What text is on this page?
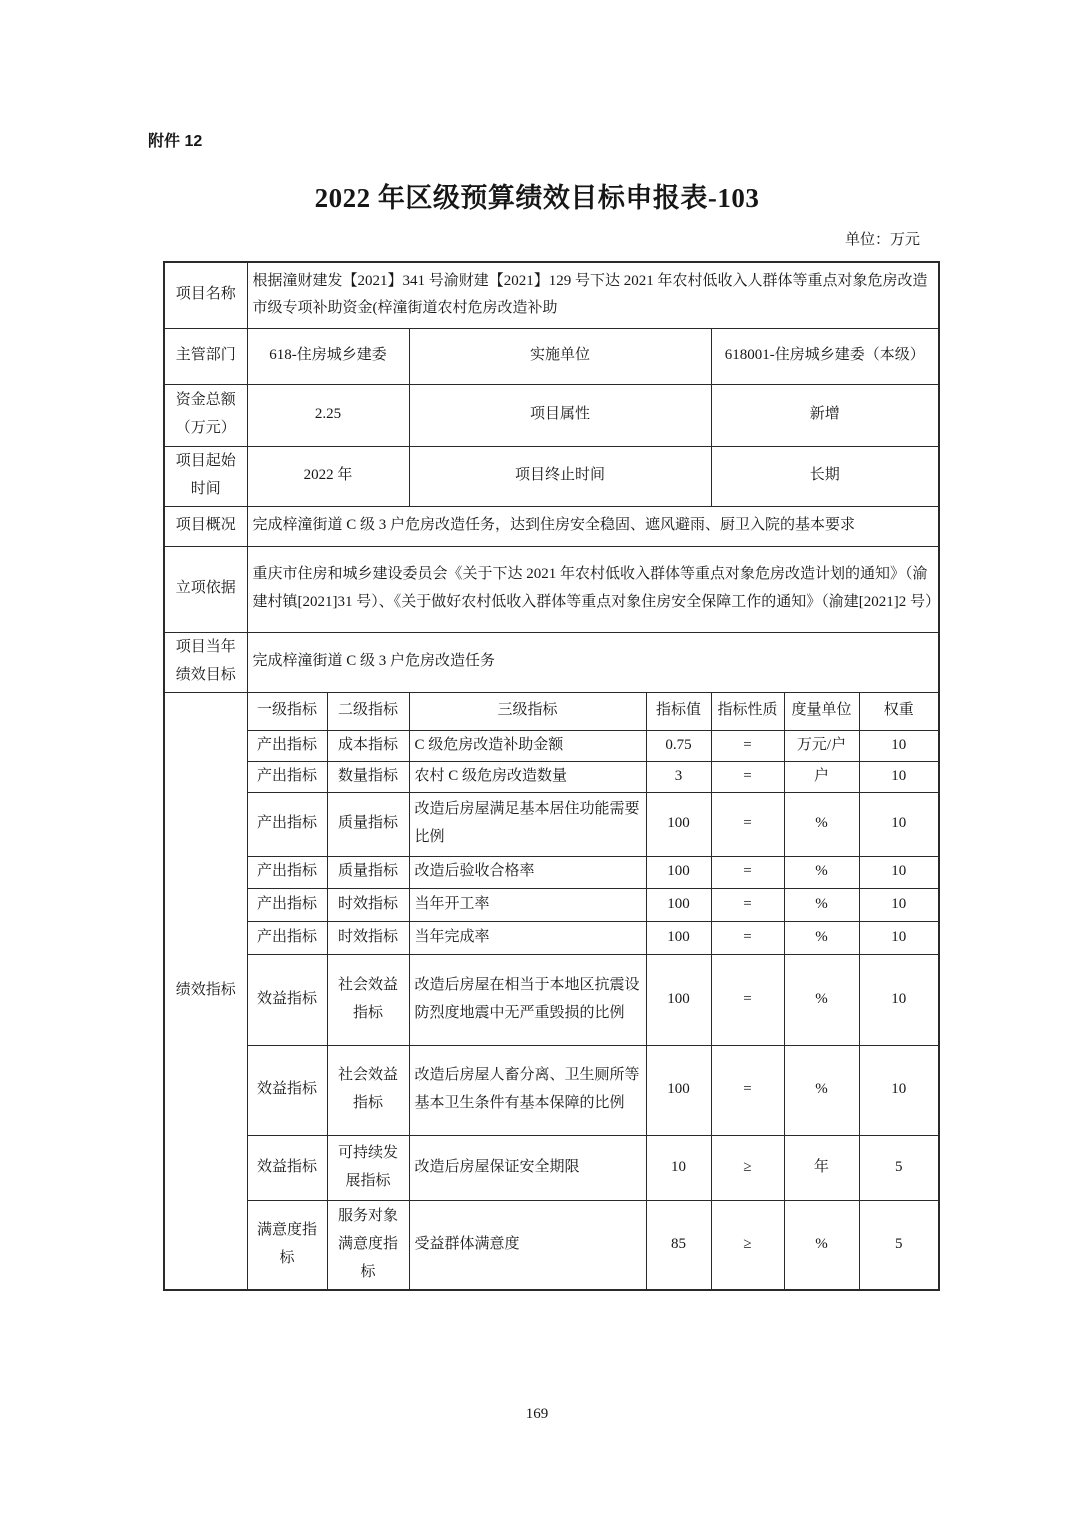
附件 12
2022 年区级预算绩效目标申报表-103
单位：万元
项目名称	根据潼财建发【2021】341 号渝财建【2021】129 号下达 2021 年农村低收入人群体等重点对象危房改造市级专项补助资金(梓潼街道农村危房改造补助						
主管部门	618-住房城乡建委		实施单位		618001-住房城乡建委（本级）		
资金总额（万元）	2.25		项目属性		新增		
项目起始时间	2022 年		项目终止时间		长期		
项目概况	完成梓潼街道 C 级 3 户危房改造任务，达到住房安全稳固、遮风避雨、厨卫入院的基本要求						
立项依据	重庆市住房和城乡建设委员会《关于下达 2021 年农村低收入群体等重点对象危房改造计划的通知》（渝建村镇[2021]31 号）、《关于做好农村低收入群体等重点对象住房安全保障工作的通知》（渝建[2021]2 号）						
项目当年绩效目标	完成梓潼街道 C 级 3 户危房改造任务						
绩效指标	一级指标	二级指标	三级指标	指标值	指标性质	度量单位	权重
	产出指标	成本指标	C 级危房改造补助金额	0.75	=	万元/户	10
	产出指标	数量指标	农村 C 级危房改造数量	3	=	户	10
	产出指标	质量指标	改造后房屋满足基本居住功能需要比例	100	=	%	10
	产出指标	质量指标	改造后验收合格率	100	=	%	10
	产出指标	时效指标	当年开工率	100	=	%	10
	产出指标	时效指标	当年完成率	100	=	%	10
	效益指标	社会效益指标	改造后房屋在相当于本地区抗震设防烈度地震中无严重毁损的比例	100	=	%	10
	效益指标	社会效益指标	改造后房屋人畜分离、卫生厕所等基本卫生条件有基本保障的比例	100	=	%	10
	效益指标	可持续发展指标	改造后房屋保证安全期限	10	≥	年	5
	满意度指标	服务对象满意度指标	受益群体满意度	85	≥	%	5
169
